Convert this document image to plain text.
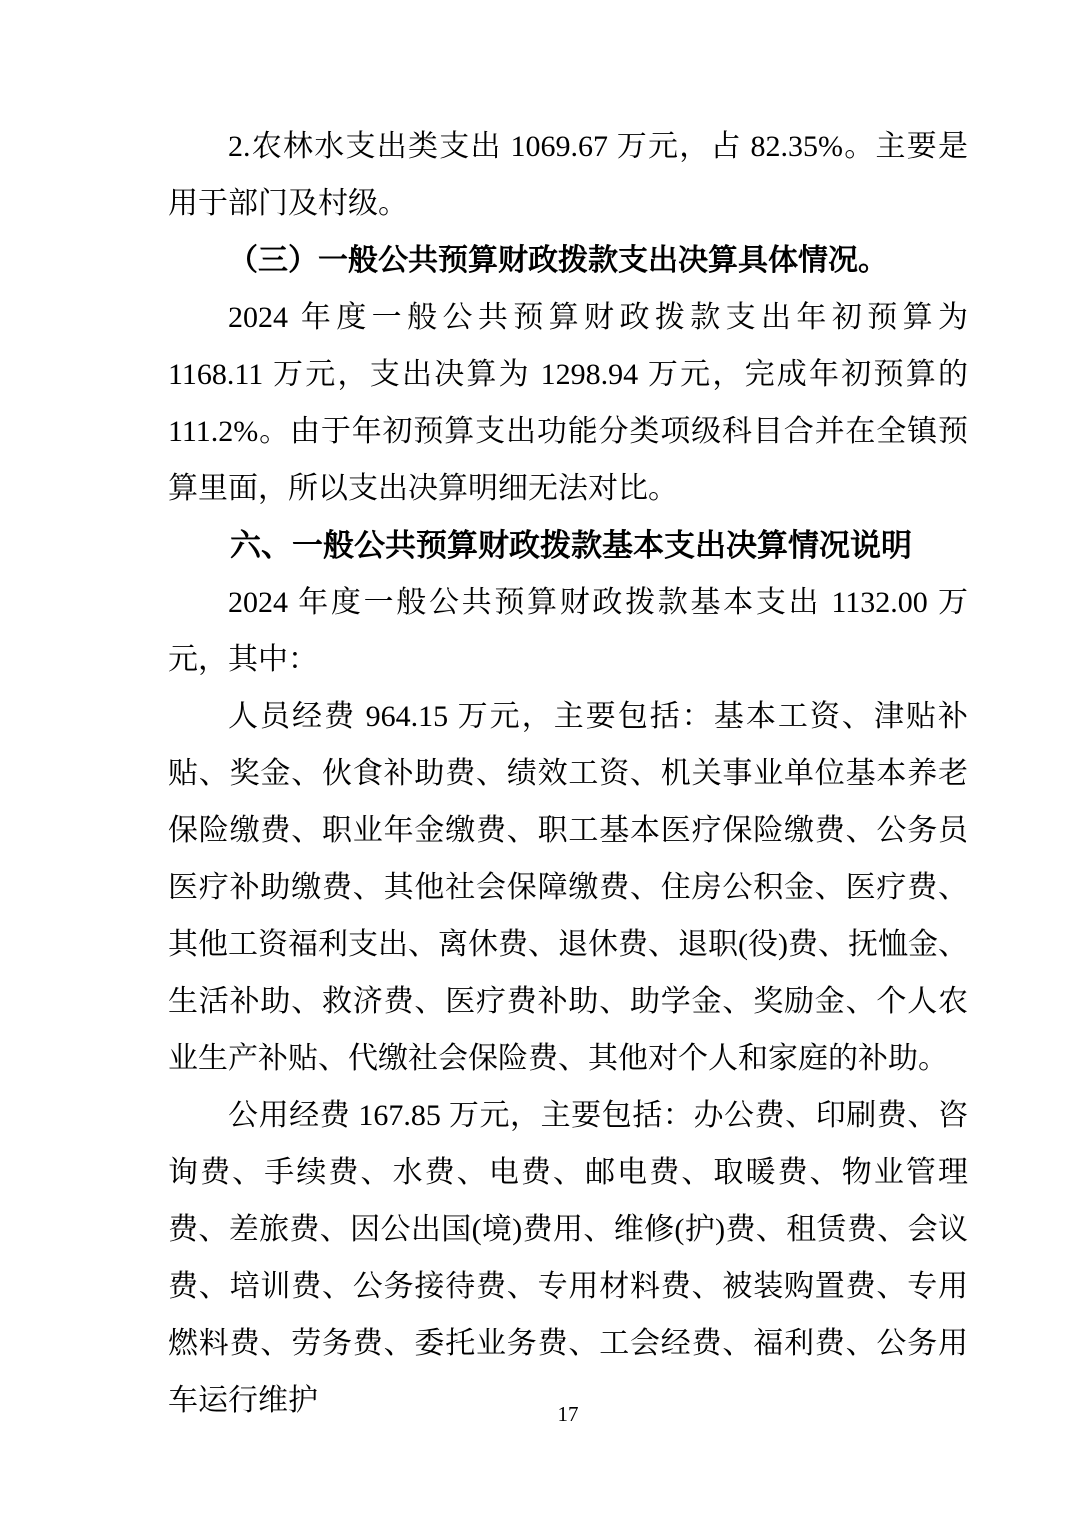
2.农林水支出类支出 1069.67 万元，占 82.35%。主要是用于部门及村级。

（三）一般公共预算财政拨款支出决算具体情况。

2024 年度一般公共预算财政拨款支出年初预算为 1168.11 万元，支出决算为 1298.94 万元，完成年初预算的 111.2%。由于年初预算支出功能分类项级科目合并在全镇预算里面，所以支出决算明细无法对比。

六、一般公共预算财政拨款基本支出决算情况说明

2024 年度一般公共预算财政拨款基本支出 1132.00 万元，其中：

人员经费 964.15 万元，主要包括：基本工资、津贴补贴、奖金、伙食补助费、绩效工资、机关事业单位基本养老保险缴费、职业年金缴费、职工基本医疗保险缴费、公务员医疗补助缴费、其他社会保障缴费、住房公积金、医疗费、其他工资福利支出、离休费、退休费、退职(役)费、抚恤金、生活补助、救济费、医疗费补助、助学金、奖励金、个人农业生产补贴、代缴社会保险费、其他对个人和家庭的补助。

公用经费 167.85 万元，主要包括：办公费、印刷费、咨询费、手续费、水费、电费、邮电费、取暖费、物业管理费、差旅费、因公出国(境)费用、维修(护)费、租赁费、会议费、培训费、公务接待费、专用材料费、被装购置费、专用燃料费、劳务费、委托业务费、工会经费、福利费、公务用车运行维护	17
